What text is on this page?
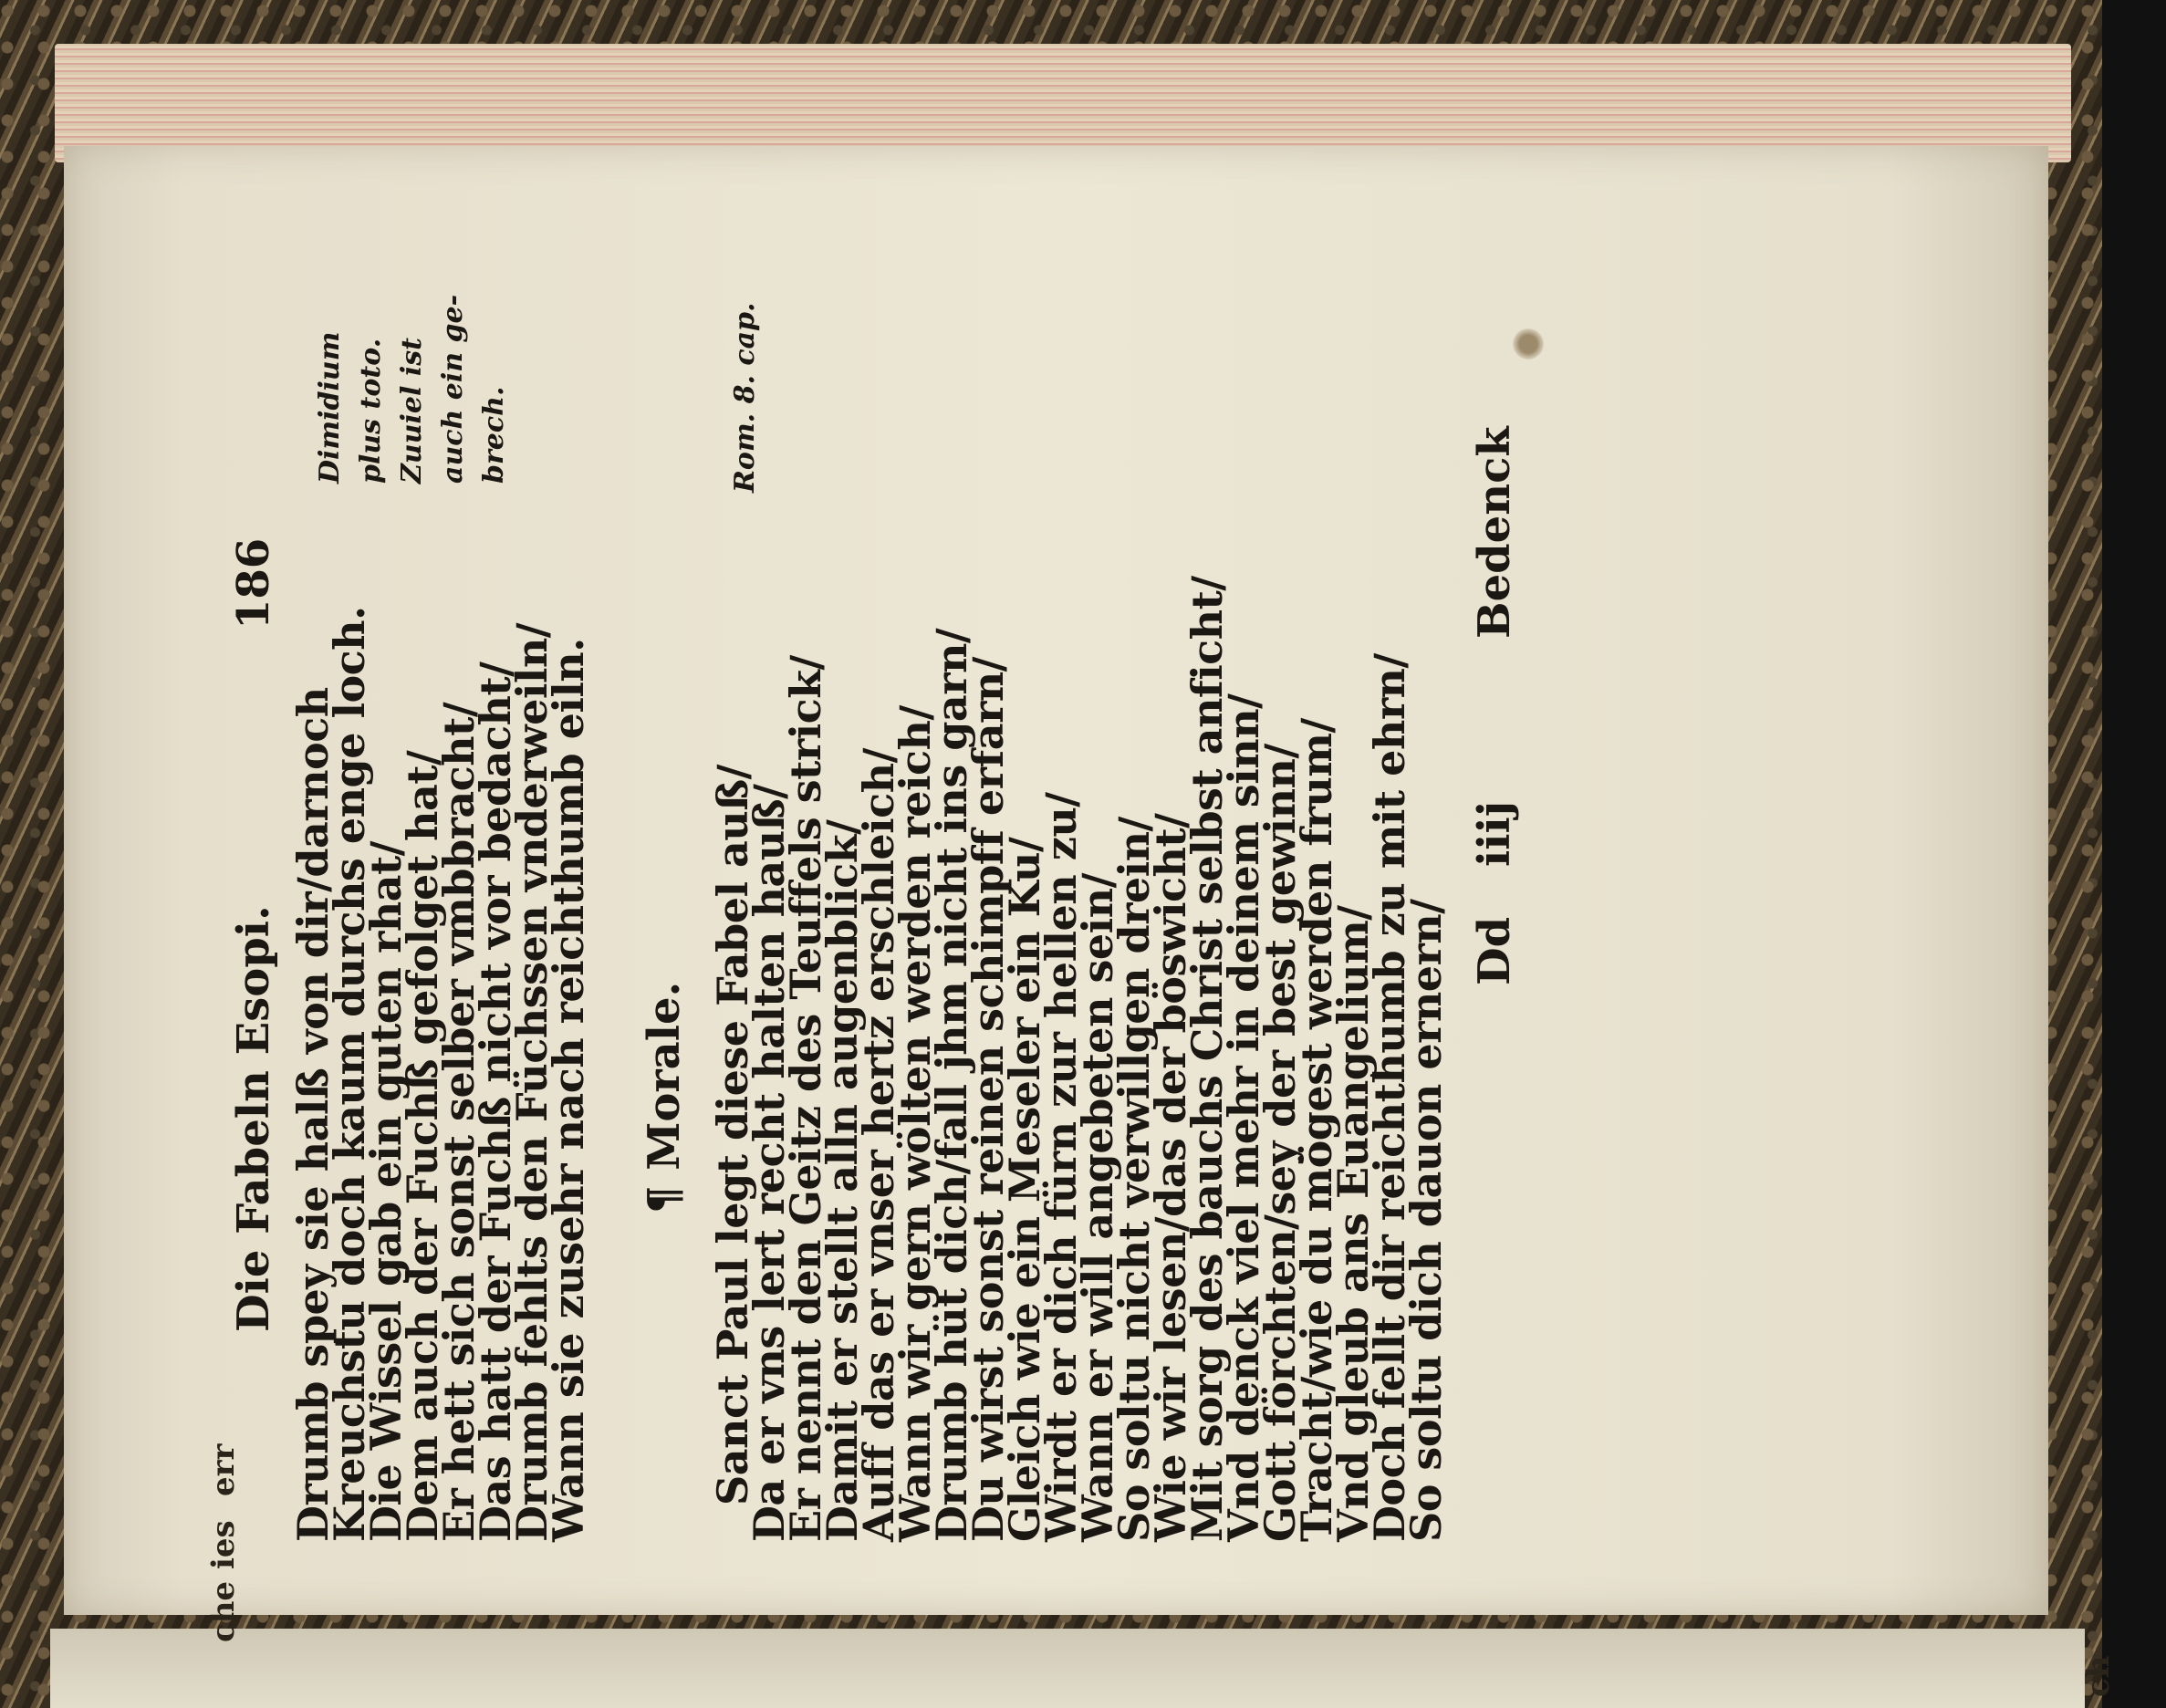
che
ies
err
ch
Die Fabeln Esopi.
186
Drumb spey sie halß von dir/darnoch
Kreuchstu doch kaum durchs enge loch.
Die Wissel gab ein guten rhat/
Dem auch der Fuchß gefolget hat/
Er hett sich sonst selber vmbbracht/
Das hatt der Fuchß nicht vor bedacht/
Drumb fehlts den Füchssen vnderweiln/
Wann sie zusehr nach reichthumb eiln. ¶ Morale. Sanct Paul legt diese Fabel auß/
Da er vns lert recht halten hauß/
Er nennt den Geitz des Teuffels strick/
Damit er stellt alln augenblick/
Auff das er vnser hertz erschleich/
Wann wir gern wölten werden reich/
Drumb hüt dich/fall jhm nicht ins garn/
Du wirst sonst reinen schimpff erfarn/
Gleich wie ein Meseler ein Ku/
Wirdt er dich fürn zur hellen zu/
Wann er will angebeten sein/
So soltu nicht verwillgen drein/
Wie wir lesen/das der böswicht/
Mit sorg des bauchs Christ selbst anficht/
Vnd denck viel mehr in deinem sinn/
Gott förchten/sey der best gewinn/
Tracht/wie du mögest werden frum/
Vnd gleub ans Euangelium/
Doch fellt dir reichthumb zu mit ehrn/
So soltu dich dauon ernern/
Dimidium plus toto. Zuuiel ist auch ein ge- brech.	Rom. 8. cap.
Dd
iiij
Bedenck
